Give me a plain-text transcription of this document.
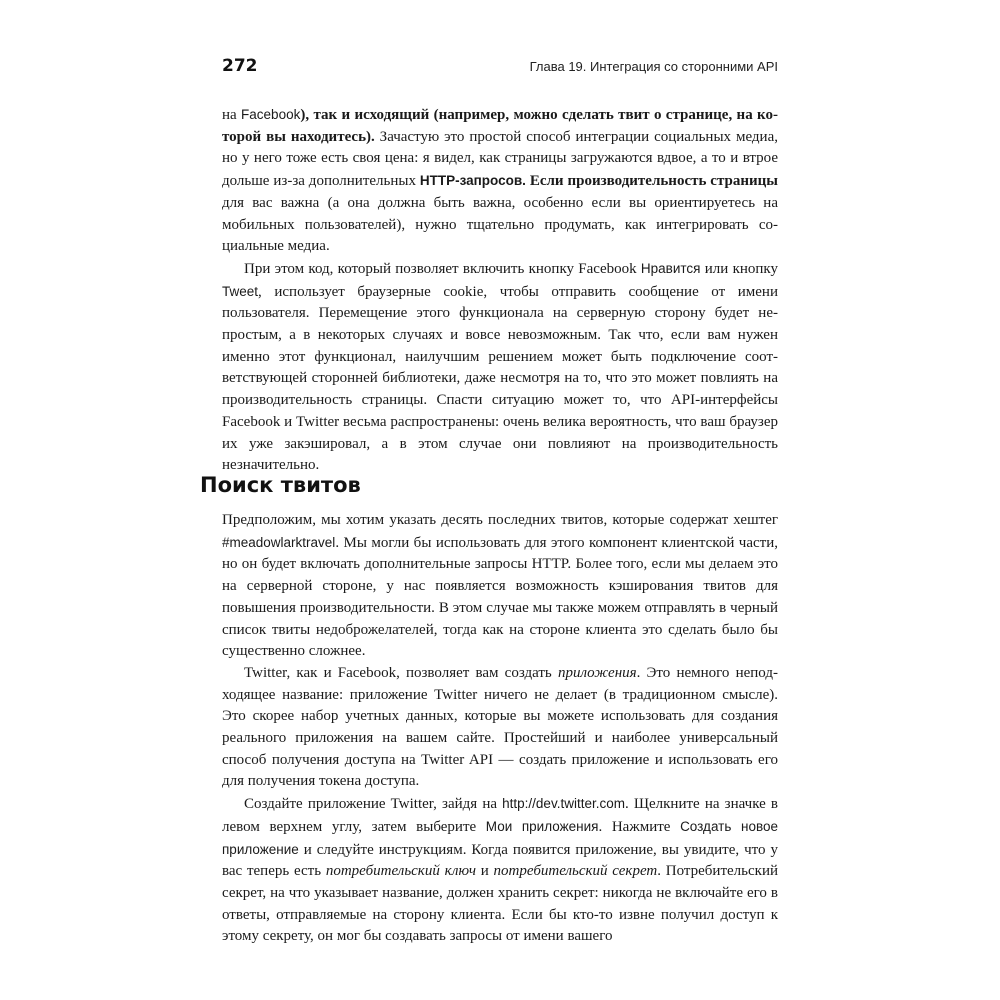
272	Глава 19. Интеграция со сторонними API

на Facebook), так и исходящий (например, можно сделать твит о странице, на которой вы находитесь). Зачастую это простой способ интеграции социальных медиа, но у него тоже есть своя цена: я видел, как страницы загружаются вдвое, а то и втрое дольше из-за дополнительных HTTP-запросов. Если производительность страницы для вас важна (а она должна быть важна, особенно если вы ориентируетесь на мобильных пользователей), нужно тщательно продумать, как интегрировать социальные медиа.

При этом код, который позволяет включить кнопку Facebook Нравится или кнопку Tweet, использует браузерные cookie, чтобы отправить сообщение от имени пользователя. Перемещение этого функционала на серверную сторону будет непростым, а в некоторых случаях и вовсе невозможным. Так что, если вам нужен именно этот функционал, наилучшим решением может быть подключение соответствующей сторонней библиотеки, даже несмотря на то, что это может повлиять на производительность страницы. Спасти ситуацию может то, что API-интерфейсы Facebook и Twitter весьма распространены: очень велика вероятность, что ваш браузер их уже закэшировал, а в этом случае они повлияют на производительность незначительно.

Поиск твитов

Предположим, мы хотим указать десять последних твитов, которые содержат хештег #meadowlarktravel. Мы могли бы использовать для этого компонент клиентской части, но он будет включать дополнительные запросы HTTP. Более того, если мы делаем это на серверной стороне, у нас появляется возможность кэширования твитов для повышения производительности. В этом случае мы также можем отправлять в черный список твиты недоброжелателей, тогда как на стороне клиента это сделать было бы существенно сложнее.

Twitter, как и Facebook, позволяет вам создать приложения. Это немного неподходящее название: приложение Twitter ничего не делает (в традиционном смысле). Это скорее набор учетных данных, которые вы можете использовать для создания реального приложения на вашем сайте. Простейший и наиболее универсальный способ получения доступа на Twitter API — создать приложение и использовать его для получения токена доступа.

Создайте приложение Twitter, зайдя на http://dev.twitter.com. Щелкните на значке в левом верхнем углу, затем выберите Мои приложения. Нажмите Создать новое приложение и следуйте инструкциям. Когда появится приложение, вы увидите, что у вас теперь есть потребительский ключ и потребительский секрет. Потребительский секрет, на что указывает название, должен хранить секрет: никогда не включайте его в ответы, отправляемые на сторону клиента. Если бы кто-то извне получил доступ к этому секрету, он мог бы создавать запросы от имени вашего
